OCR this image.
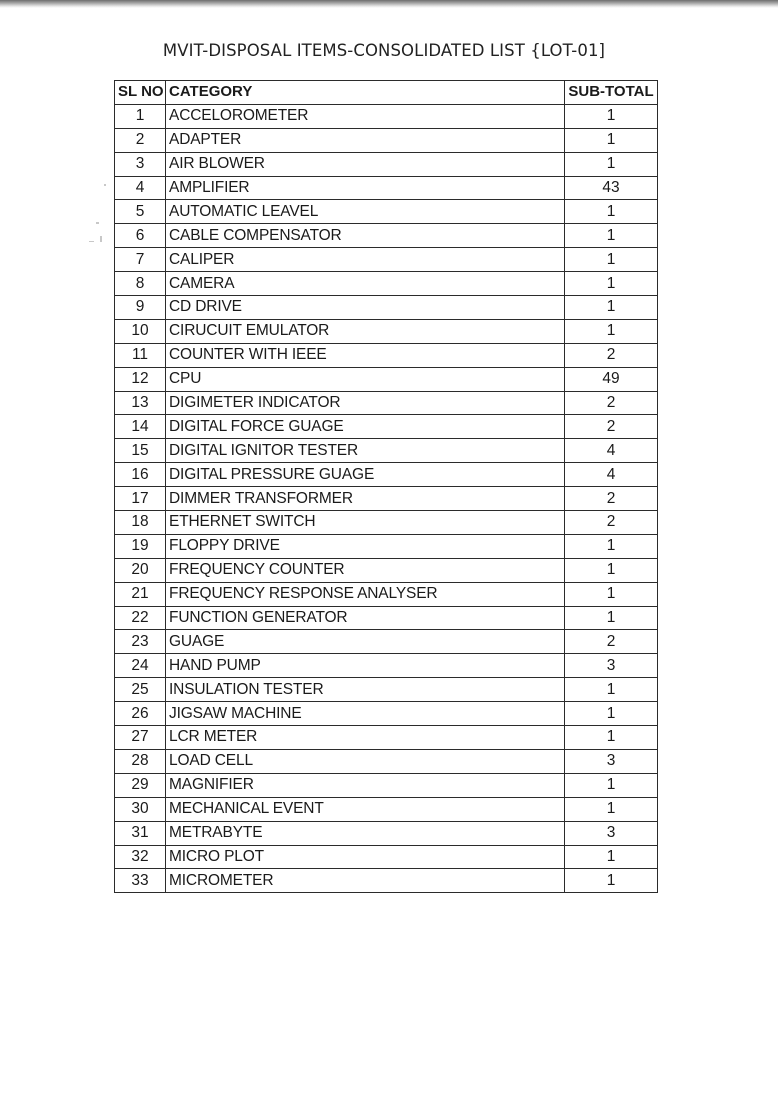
MVIT-DISPOSAL ITEMS-CONSOLIDATED LIST {LOT-01]
SL NO	CATEGORY	SUB-TOTAL
1	ACCELOROMETER	1
2	ADAPTER	1
3	AIR BLOWER	1
4	AMPLIFIER	43
5	AUTOMATIC LEAVEL	1
6	CABLE COMPENSATOR	1
7	CALIPER	1
8	CAMERA	1
9	CD DRIVE	1
10	CIRUCUIT EMULATOR	1
11	COUNTER WITH IEEE	2
12	CPU	49
13	DIGIMETER INDICATOR	2
14	DIGITAL FORCE GUAGE	2
15	DIGITAL IGNITOR TESTER	4
16	DIGITAL PRESSURE GUAGE	4
17	DIMMER TRANSFORMER	2
18	ETHERNET SWITCH	2
19	FLOPPY DRIVE	1
20	FREQUENCY COUNTER	1
21	FREQUENCY RESPONSE ANALYSER	1
22	FUNCTION GENERATOR	1
23	GUAGE	2
24	HAND PUMP	3
25	INSULATION TESTER	1
26	JIGSAW MACHINE	1
27	LCR METER	1
28	LOAD CELL	3
29	MAGNIFIER	1
30	MECHANICAL EVENT	1
31	METRABYTE	3
32	MICRO PLOT	1
33	MICROMETER	1
